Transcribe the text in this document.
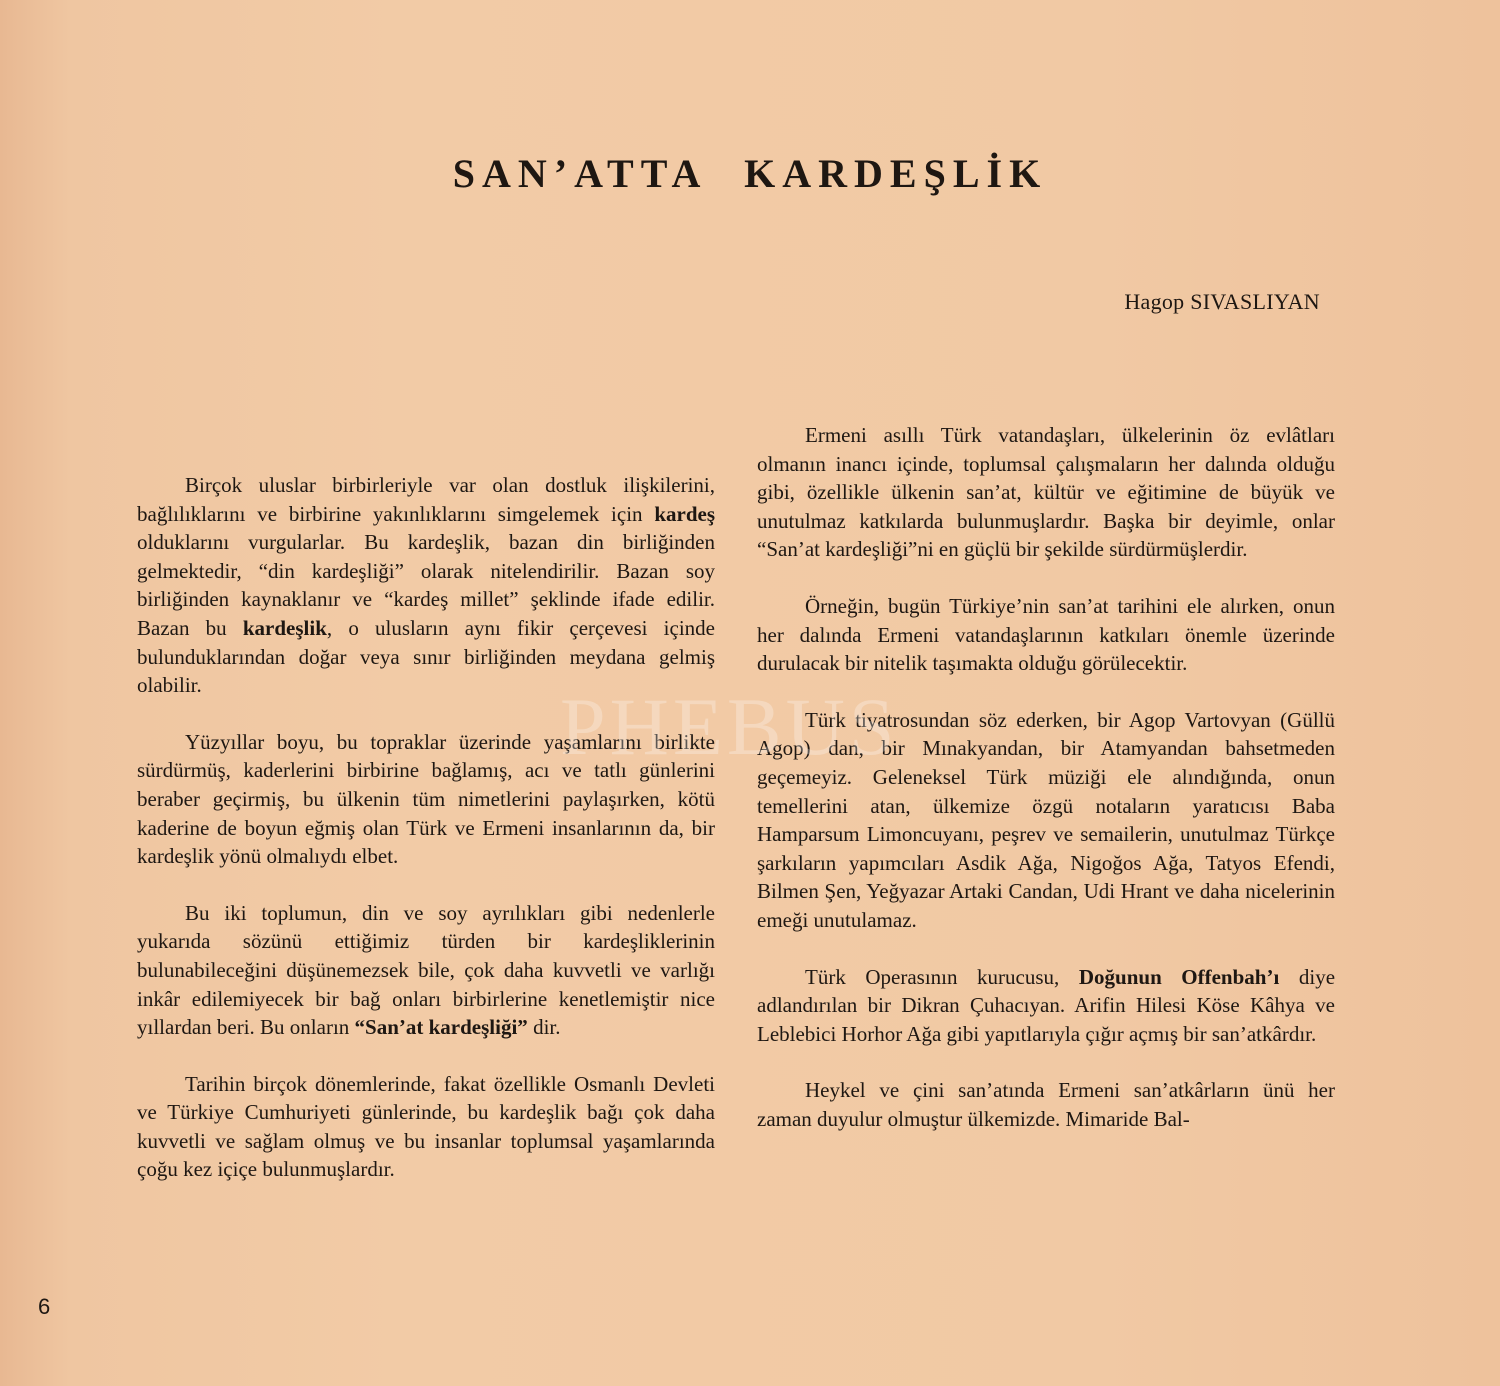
SAN’ATTA KARDEŞLİK
Hagop SIVASLIYAN

Birçok uluslar birbirleriyle var olan dostluk ilişkilerini, bağlılıklarını ve birbirine yakınlıklarını simgelemek için kardeş olduklarını vurgularlar. Bu kardeşlik, bazan din birliğinden gelmektedir, “din kardeşliği” olarak nitelendirilir. Bazan soy birliğinden kaynaklanır ve “kardeş millet” şeklinde ifade edilir. Bazan bu kardeşlik, o ulusların aynı fikir çerçevesi içinde bulunduklarından doğar veya sınır birliğinden meydana gelmiş olabilir.

Yüzyıllar boyu, bu topraklar üzerinde yaşamlarını birlikte sürdürmüş, kaderlerini birbirine bağlamış, acı ve tatlı günlerini beraber geçirmiş, bu ülkenin tüm nimetlerini paylaşırken, kötü kaderine de boyun eğmiş olan Türk ve Ermeni insanlarının da, bir kardeşlik yönü olmalıydı elbet.

Bu iki toplumun, din ve soy ayrılıkları gibi nedenlerle yukarıda sözünü ettiğimiz türden bir kardeşliklerinin bulunabileceğini düşünemezsek bile, çok daha kuvvetli ve varlığı inkâr edilemiyecek bir bağ onları birbirlerine kenetlemiştir nice yıllardan beri. Bu onların “San’at kardeşliği” dir.

Tarihin birçok dönemlerinde, fakat özellikle Osmanlı Devleti ve Türkiye Cumhuriyeti günlerinde, bu kardeşlik bağı çok daha kuvvetli ve sağlam olmuş ve bu insanlar toplumsal yaşamlarında çoğu kez içiçe bulunmuşlardır.

Ermeni asıllı Türk vatandaşları, ülkelerinin öz evlâtları olmanın inancı içinde, toplumsal çalışmaların her dalında olduğu gibi, özellikle ülkenin san’at, kültür ve eğitimine de büyük ve unutulmaz katkılarda bulunmuşlardır. Başka bir deyimle, onlar “San’at kardeşliği”ni en güçlü bir şekilde sürdürmüşlerdir.

Örneğin, bugün Türkiye’nin san’at tarihini ele alırken, onun her dalında Ermeni vatandaşlarının katkıları önemle üzerinde durulacak bir nitelik taşımakta olduğu görülecektir.

Türk tiyatrosundan söz ederken, bir Agop Vartovyan (Güllü Agop) dan, bir Mınakyandan, bir Atamyandan bahsetmeden geçemeyiz. Geleneksel Türk müziği ele alındığında, onun temellerini atan, ülkemize özgü notaların yaratıcısı Baba Hamparsum Limoncuyanı, peşrev ve semailerin, unutulmaz Türkçe şarkıların yapımcıları Asdik Ağa, Nigoğos Ağa, Tatyos Efendi, Bilmen Şen, Yeğyazar Artaki Candan, Udi Hrant ve daha nicelerinin emeği unutulamaz.

Türk Operasının kurucusu, Doğunun Offenbah’ı diye adlandırılan bir Dikran Çuhacıyan. Arifin Hilesi Köse Kâhya ve Leblebici Horhor Ağa gibi yapıtlarıyla çığır açmış bir san’atkârdır.

Heykel ve çini san’atında Ermeni san’atkârların ünü her zaman duyulur olmuştur ülkemizde. Mimaride Bal-

PHEBUS
6
